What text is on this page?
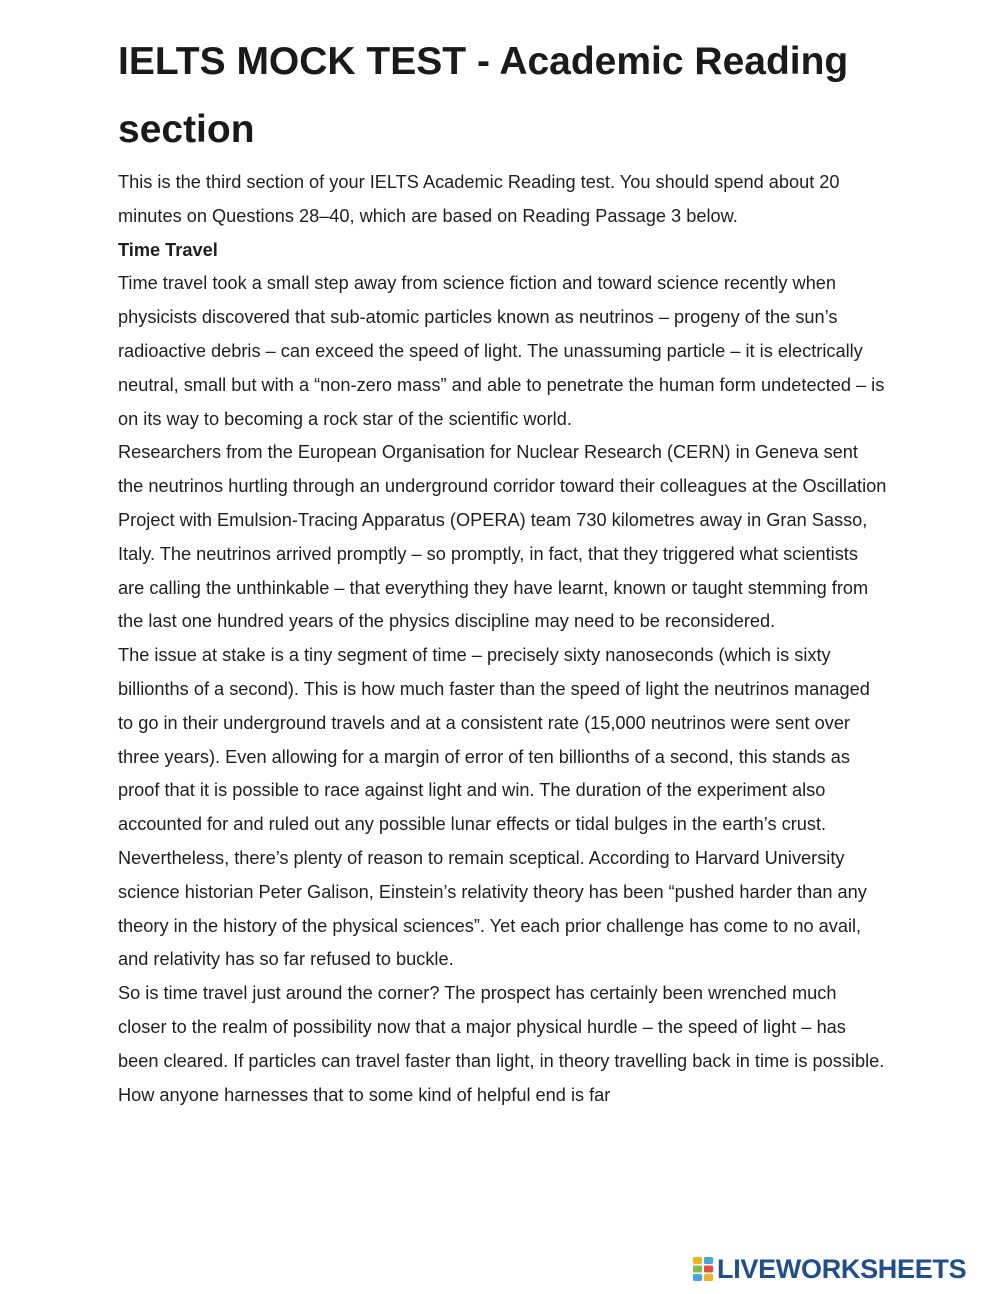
IELTS MOCK TEST - Academic Reading section

This is the third section of your IELTS Academic Reading test. You should spend about 20 minutes on Questions 28–40, which are based on Reading Passage 3 below.

Time Travel

Time travel took a small step away from science fiction and toward science recently when physicists discovered that sub-atomic particles known as neutrinos – progeny of the sun’s radioactive debris – can exceed the speed of light. The unassuming particle – it is electrically neutral, small but with a “non-zero mass” and able to penetrate the human form undetected – is on its way to becoming a rock star of the scientific world.

Researchers from the European Organisation for Nuclear Research (CERN) in Geneva sent the neutrinos hurtling through an underground corridor toward their colleagues at the Oscillation Project with Emulsion-Tracing Apparatus (OPERA) team 730 kilometres away in Gran Sasso, Italy. The neutrinos arrived promptly – so promptly, in fact, that they triggered what scientists are calling the unthinkable – that everything they have learnt, known or taught stemming from the last one hundred years of the physics discipline may need to be reconsidered.

The issue at stake is a tiny segment of time – precisely sixty nanoseconds (which is sixty billionths of a second). This is how much faster than the speed of light the neutrinos managed to go in their underground travels and at a consistent rate (15,000 neutrinos were sent over three years). Even allowing for a margin of error of ten billionths of a second, this stands as proof that it is possible to race against light and win. The duration of the experiment also accounted for and ruled out any possible lunar effects or tidal bulges in the earth’s crust.

Nevertheless, there’s plenty of reason to remain sceptical. According to Harvard University science historian Peter Galison, Einstein’s relativity theory has been “pushed harder than any theory in the history of the physical sciences”. Yet each prior challenge has come to no avail, and relativity has so far refused to buckle.

So is time travel just around the corner? The prospect has certainly been wrenched much closer to the realm of possibility now that a major physical hurdle – the speed of light – has been cleared. If particles can travel faster than light, in theory travelling back in time is possible. How anyone harnesses that to some kind of helpful end is far

LIVEWORKSHEETS
